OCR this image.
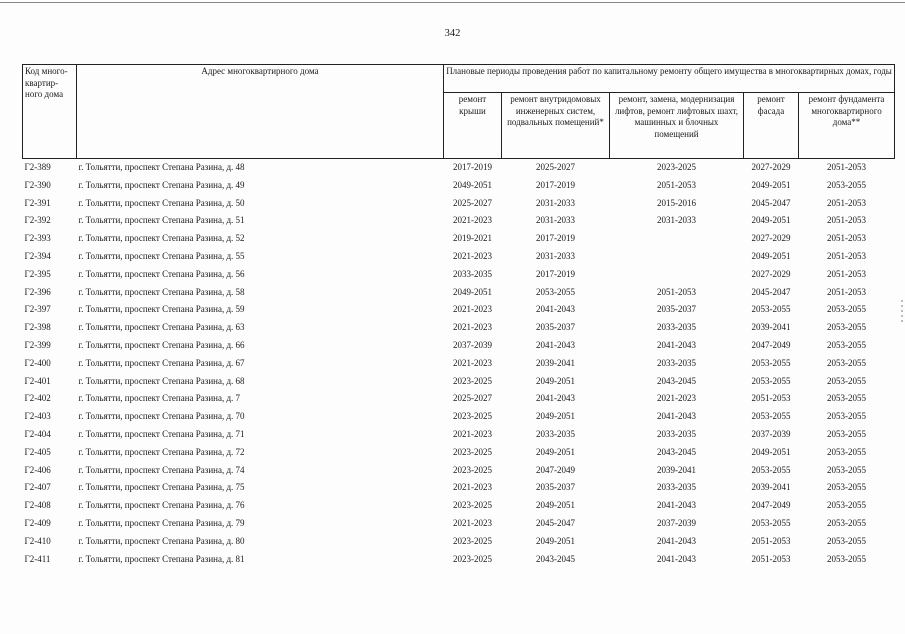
342
Код много-квартир-ного дома	Адрес многоквартирного дома	Плановые периоды проведения работ по капитальному ремонту общего имущества в многоквартирных домах, годы				
		ремонт крыши	ремонт внутридомовых инженерных систем, подвальных помещений*	ремонт, замена, модернизация лифтов, ремонт лифтовых шахт, машинных и блочных помещений	ремонт фасада	ремонт фундамента многоквартирного дома**
Г2-389	г. Тольятти, проспект Степана Разина, д. 48	2017-2019	2025-2027	2023-2025	2027-2029	2051-2053
Г2-390	г. Тольятти, проспект Степана Разина, д. 49	2049-2051	2017-2019	2051-2053	2049-2051	2053-2055
Г2-391	г. Тольятти, проспект Степана Разина, д. 50	2025-2027	2031-2033	2015-2016	2045-2047	2051-2053
Г2-392	г. Тольятти, проспект Степана Разина, д. 51	2021-2023	2031-2033	2031-2033	2049-2051	2051-2053
Г2-393	г. Тольятти, проспект Степана Разина, д. 52	2019-2021	2017-2019		2027-2029	2051-2053
Г2-394	г. Тольятти, проспект Степана Разина, д. 55	2021-2023	2031-2033		2049-2051	2051-2053
Г2-395	г. Тольятти, проспект Степана Разина, д. 56	2033-2035	2017-2019		2027-2029	2051-2053
Г2-396	г. Тольятти, проспект Степана Разина, д. 58	2049-2051	2053-2055	2051-2053	2045-2047	2051-2053
Г2-397	г. Тольятти, проспект Степана Разина, д. 59	2021-2023	2041-2043	2035-2037	2053-2055	2053-2055
Г2-398	г. Тольятти, проспект Степана Разина, д. 63	2021-2023	2035-2037	2033-2035	2039-2041	2053-2055
Г2-399	г. Тольятти, проспект Степана Разина, д. 66	2037-2039	2041-2043	2041-2043	2047-2049	2053-2055
Г2-400	г. Тольятти, проспект Степана Разина, д. 67	2021-2023	2039-2041	2033-2035	2053-2055	2053-2055
Г2-401	г. Тольятти, проспект Степана Разина, д. 68	2023-2025	2049-2051	2043-2045	2053-2055	2053-2055
Г2-402	г. Тольятти, проспект Степана Разина, д. 7	2025-2027	2041-2043	2021-2023	2051-2053	2053-2055
Г2-403	г. Тольятти, проспект Степана Разина, д. 70	2023-2025	2049-2051	2041-2043	2053-2055	2053-2055
Г2-404	г. Тольятти, проспект Степана Разина, д. 71	2021-2023	2033-2035	2033-2035	2037-2039	2053-2055
Г2-405	г. Тольятти, проспект Степана Разина, д. 72	2023-2025	2049-2051	2043-2045	2049-2051	2053-2055
Г2-406	г. Тольятти, проспект Степана Разина, д. 74	2023-2025	2047-2049	2039-2041	2053-2055	2053-2055
Г2-407	г. Тольятти, проспект Степана Разина, д. 75	2021-2023	2035-2037	2033-2035	2039-2041	2053-2055
Г2-408	г. Тольятти, проспект Степана Разина, д. 76	2023-2025	2049-2051	2041-2043	2047-2049	2053-2055
Г2-409	г. Тольятти, проспект Степана Разина, д. 79	2021-2023	2045-2047	2037-2039	2053-2055	2053-2055
Г2-410	г. Тольятти, проспект Степана Разина, д. 80	2023-2025	2049-2051	2041-2043	2051-2053	2053-2055
Г2-411	г. Тольятти, проспект Степана Разина, д. 81	2023-2025	2043-2045	2041-2043	2051-2053	2053-2055
